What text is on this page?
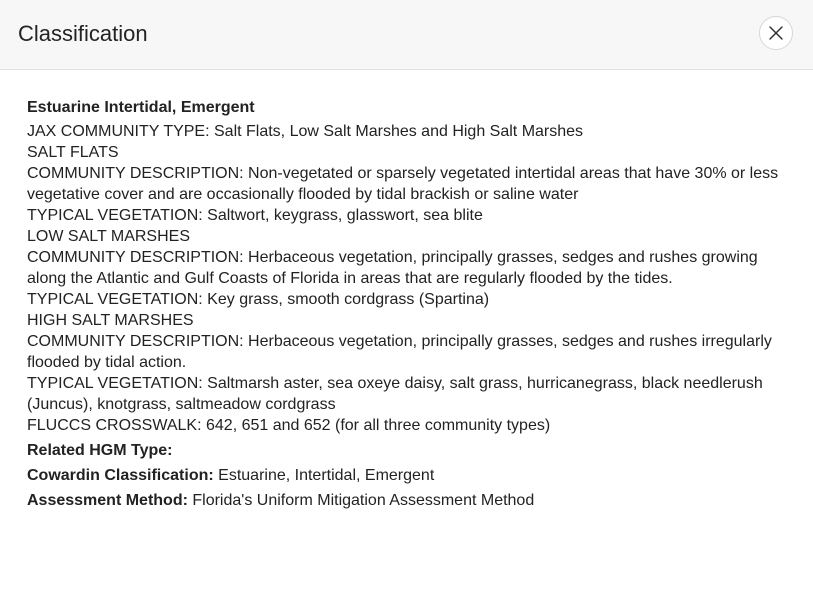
Classification
Estuarine Intertidal, Emergent
JAX COMMUNITY TYPE: Salt Flats, Low Salt Marshes and High Salt Marshes
SALT FLATS
COMMUNITY DESCRIPTION: Non-vegetated or sparsely vegetated intertidal areas that have 30% or less vegetative cover and are occasionally flooded by tidal brackish or saline water
TYPICAL VEGETATION: Saltwort, keygrass, glasswort, sea blite
LOW SALT MARSHES
COMMUNITY DESCRIPTION: Herbaceous vegetation, principally grasses, sedges and rushes growing along the Atlantic and Gulf Coasts of Florida in areas that are regularly flooded by the tides.
TYPICAL VEGETATION: Key grass, smooth cordgrass (Spartina)
HIGH SALT MARSHES
COMMUNITY DESCRIPTION: Herbaceous vegetation, principally grasses, sedges and rushes irregularly flooded by tidal action.
TYPICAL VEGETATION: Saltmarsh aster, sea oxeye daisy, salt grass, hurricanegrass, black needlerush (Juncus), knotgrass, saltmeadow cordgrass
FLUCCS CROSSWALK: 642, 651 and 652 (for all three community types)
Related HGM Type:
Cowardin Classification: Estuarine, Intertidal, Emergent
Assessment Method: Florida's Uniform Mitigation Assessment Method
